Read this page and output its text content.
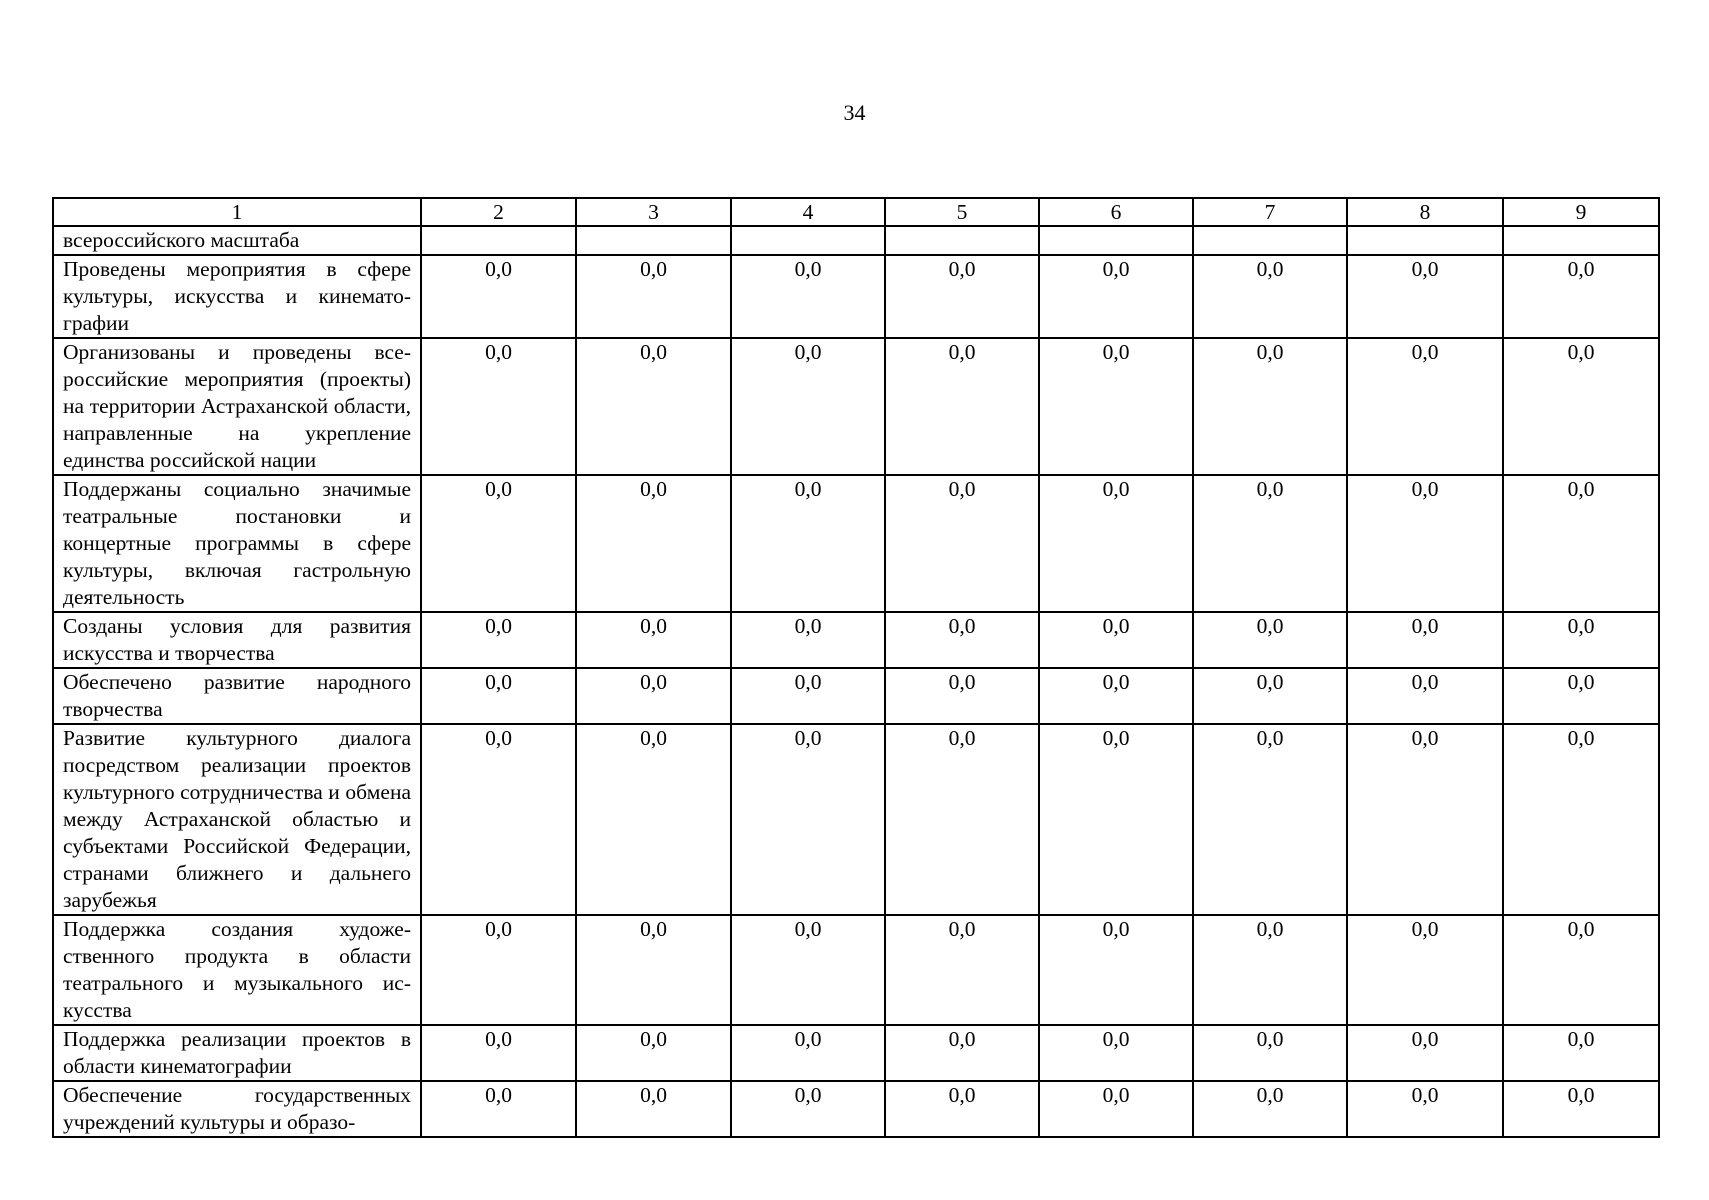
34
1	2	3	4	5	6	7	8	9
всероссийского масштаба								
Проведены мероприятия в сфере культуры, искусства и кинематографии	0,0	0,0	0,0	0,0	0,0	0,0	0,0	0,0
Организованы и проведены всероссийские мероприятия (проекты) на территории Астраханской области, направленные на укрепление единства российской нации	0,0	0,0	0,0	0,0	0,0	0,0	0,0	0,0
Поддержаны социально значимые театральные постановки и концертные программы в сфере культуры, включая гастрольную деятельность	0,0	0,0	0,0	0,0	0,0	0,0	0,0	0,0
Созданы условия для развития искусства и творчества	0,0	0,0	0,0	0,0	0,0	0,0	0,0	0,0
Обеспечено развитие народного творчества	0,0	0,0	0,0	0,0	0,0	0,0	0,0	0,0
Развитие культурного диалога посредством реализации проектов культурного сотрудничества и обмена между Астраханской областью и субъектами Российской Федерации, странами ближнего и дальнего зарубежья	0,0	0,0	0,0	0,0	0,0	0,0	0,0	0,0
Поддержка создания художественного продукта в области театрального и музыкального искусства	0,0	0,0	0,0	0,0	0,0	0,0	0,0	0,0
Поддержка реализации проектов в области кинематографии	0,0	0,0	0,0	0,0	0,0	0,0	0,0	0,0
Обеспечение государственных учреждений культуры и образо-	0,0	0,0	0,0	0,0	0,0	0,0	0,0	0,0
